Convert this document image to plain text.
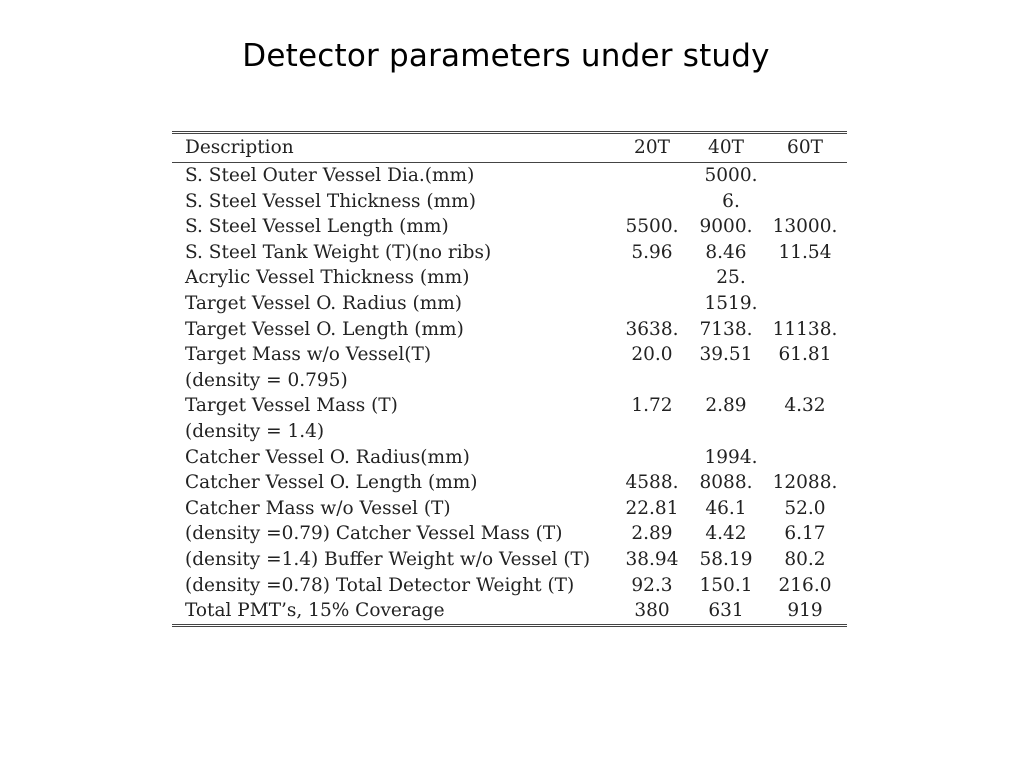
Detector parameters under study
Description	20T	40T	60T
S. Steel Outer Vessel Dia.(mm)	5000.		
S. Steel Vessel Thickness (mm)	6.		
S. Steel Vessel Length (mm)	5500.	9000.	13000.
S. Steel Tank Weight (T)(no ribs)	5.96	8.46	11.54
Acrylic Vessel Thickness (mm)	25.		
Target Vessel O. Radius (mm)	1519.		
Target Vessel O. Length (mm)	3638.	7138.	11138.
Target Mass w/o Vessel(T)	20.0	39.51	61.81
(density = 0.795)			
Target Vessel Mass (T)	1.72	2.89	4.32
(density = 1.4)			
Catcher Vessel O. Radius(mm)	1994.		
Catcher Vessel O. Length (mm)	4588.	8088.	12088.
Catcher Mass w/o Vessel (T)	22.81	46.1	52.0
(density =0.79) Catcher Vessel Mass (T)	2.89	4.42	6.17
(density =1.4) Buffer Weight w/o Vessel (T)	38.94	58.19	80.2
(density =0.78) Total Detector Weight (T)	92.3	150.1	216.0
Total PMT’s, 15% Coverage	380	631	919
